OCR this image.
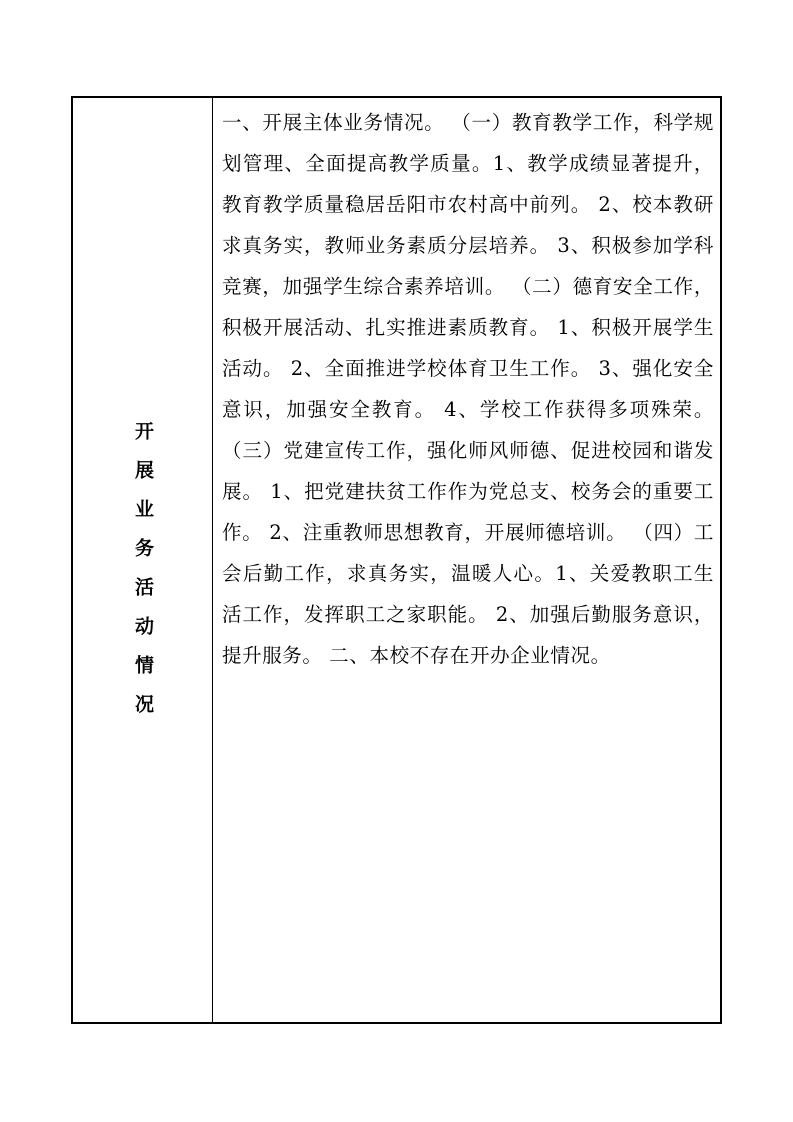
开展业务活动情况

一、开展主体业务情况。 （一）教育教学工作，科学规划管理、全面提高教学质量。1、教学成绩显著提升，教育教学质量稳居岳阳市农村高中前列。 2、校本教研求真务实，教师业务素质分层培养。 3、积极参加学科竞赛，加强学生综合素养培训。 （二）德育安全工作，积极开展活动、扎实推进素质教育。 1、积极开展学生活动。 2、全面推进学校体育卫生工作。 3、强化安全意识，加强安全教育。 4、学校工作获得多项殊荣。 （三）党建宣传工作，强化师风师德、促进校园和谐发展。 1、把党建扶贫工作作为党总支、校务会的重要工作。 2、注重教师思想教育，开展师德培训。 （四）工会后勤工作，求真务实，温暖人心。1、关爱教职工生活工作，发挥职工之家职能。 2、加强后勤服务意识，提升服务。 二、本校不存在开办企业情况。
